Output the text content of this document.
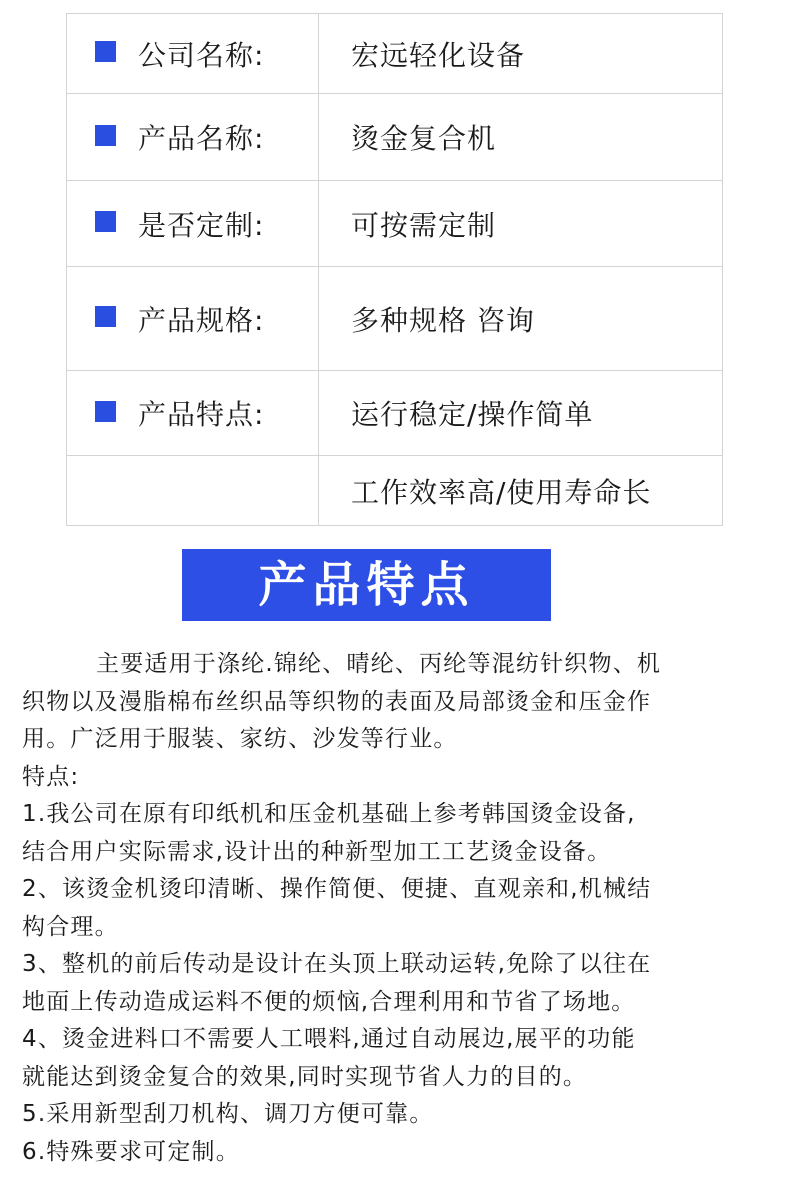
公司名称:	宏远轻化设备
产品名称:	烫金复合机
是否定制:	可按需定制
产品规格:	多种规格 咨询
产品特点:	运行稳定/操作简单
	工作效率高/使用寿命长
产品特点

主要适用于涤纶.锦纶、晴纶、丙纶等混纺针织物、机

织物以及漫脂棉布丝织品等织物的表面及局部烫金和压金作

用。广泛用于服装、家纺、沙发等行业。

特点:

1.我公司在原有印纸机和压金机基础上参考韩国烫金设备,

结合用户实际需求,设计出的种新型加工工艺烫金设备。

2、该烫金机烫印清晰、操作简便、便捷、直观亲和,机械结

构合理。

3、整机的前后传动是设计在头顶上联动运转,免除了以往在

地面上传动造成运料不便的烦恼,合理利用和节省了场地。

4、烫金进料口不需要人工喂料,通过自动展边,展平的功能

就能达到烫金复合的效果,同时实现节省人力的目的。

5.采用新型刮刀机构、调刀方便可靠。

6.特殊要求可定制。
